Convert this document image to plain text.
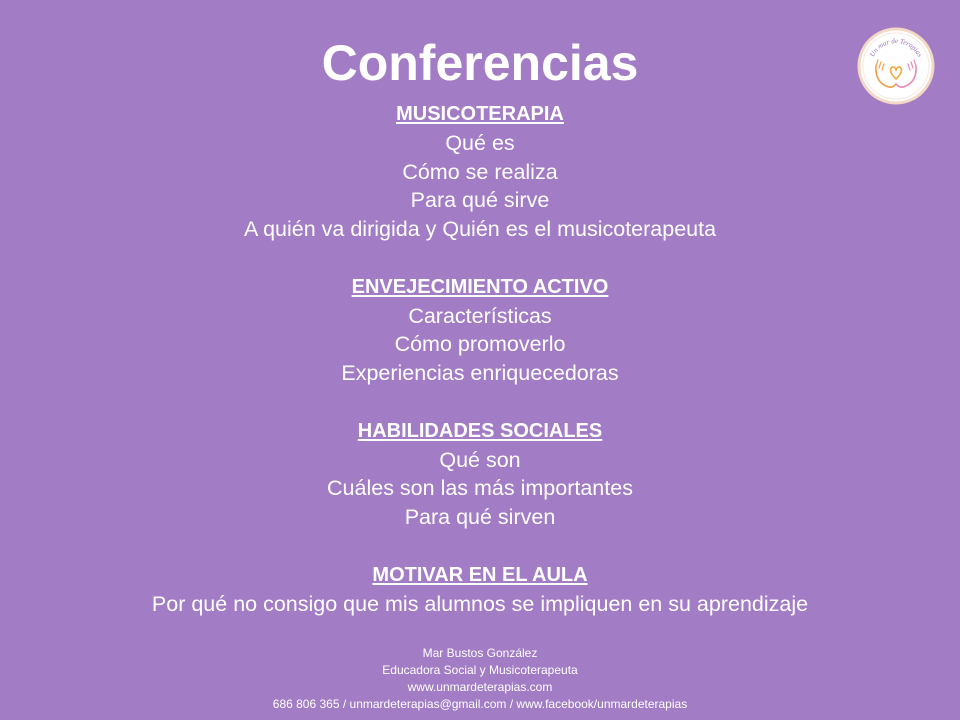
Conferencias	Un mar de Terapias
MUSICOTERAPIA
Qué es
Cómo se realiza
Para qué sirve
A quién va dirigida y Quién es el musicoterapeuta
ENVEJECIMIENTO ACTIVO
Características
Cómo promoverlo
Experiencias enriquecedoras
HABILIDADES SOCIALES
Qué son
Cuáles son las más importantes
Para qué sirven
MOTIVAR EN EL AULA
Por qué no consigo que mis alumnos se impliquen en su aprendizaje
Mar Bustos González
Educadora Social y Musicoterapeuta
www.unmardeterapias.com
686 806 365 / unmardeterapias@gmail.com / www.facebook/unmardeterapias
